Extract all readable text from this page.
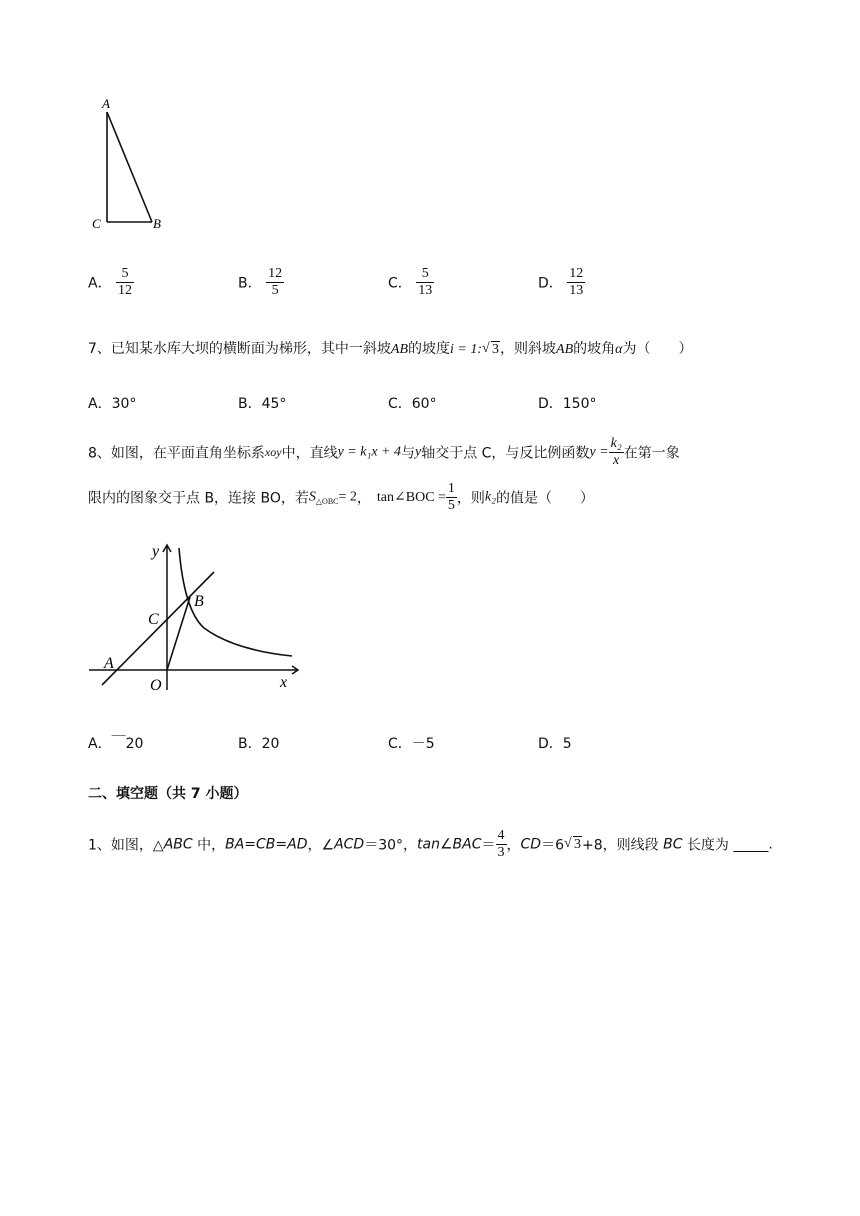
A
C	B
A． $\frac{5}{12}$	B． $\frac{12}{5}$	C． $\frac{5}{13}$	D． $\frac{12}{13}$
7、已知某水库大坝的横断面为梯形，其中一斜坡AB的坡度i = 1: √ 3，则斜坡AB的坡角α为（　　）
A．30°	B．45°	C．60°	D．150°
8、如图，在平面直角坐标系xoy中，直线y = k₁x + 4与y轴交于点 C，与反比例函数$y = \frac{\text{k₂}}{x}$ 在第一象
限内的图象交于点 B，连接 BO，若$S_{\triangle OBC}= 2$， tan∠BOC = $\frac{1}{5}$ ，则k₂的值是（　　）
y
x
C
B
A
O
A．￣20	B．20	C．－5	D．5
二、填空题（共 7 小题）
1、如图，△ABC 中，BA=CB=AD，∠ACD＝30°，tan∠BAC＝ $\frac{4}{3}$ ，CD＝6 √ 3+8，则线段 BC 长度为 _____.
